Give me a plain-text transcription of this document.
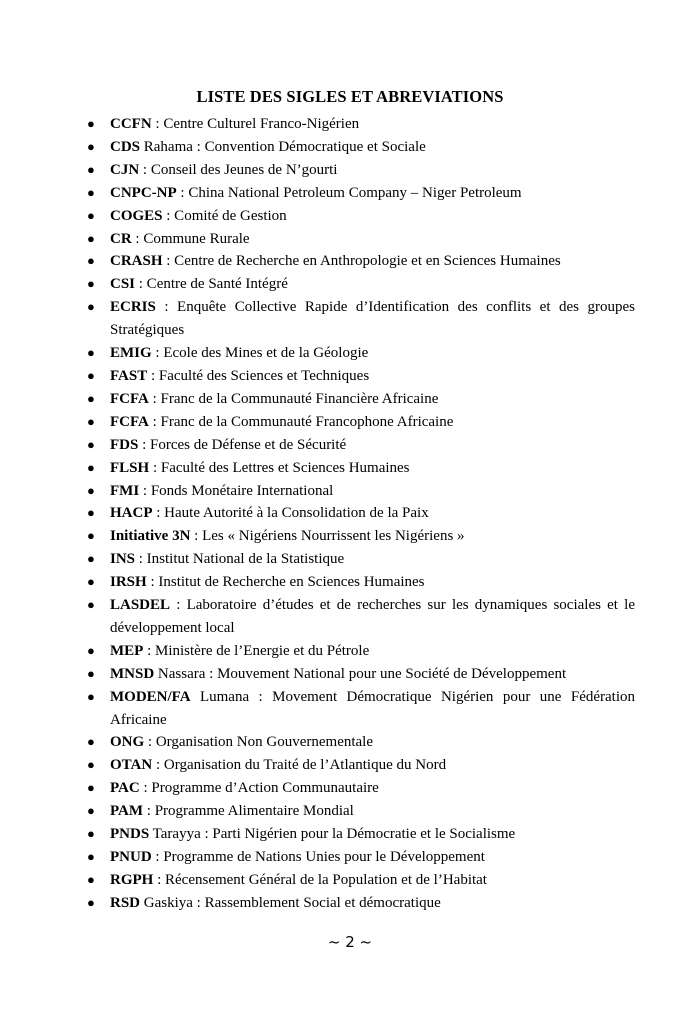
LISTE DES SIGLES ET ABREVIATIONS
● CCFN : Centre Culturel Franco-Nigérien
● CDS Rahama : Convention Démocratique et Sociale
● CJN : Conseil des Jeunes de N’gourti
● CNPC-NP : China National Petroleum Company – Niger Petroleum
● COGES : Comité de Gestion
● CR : Commune Rurale
● CRASH : Centre de Recherche en Anthropologie et en Sciences Humaines
● CSI : Centre de Santé Intégré
● ECRIS : Enquête Collective Rapide d’Identification des conflits et des groupes Stratégiques
● EMIG : Ecole des Mines et de la Géologie
● FAST : Faculté des Sciences et Techniques
● FCFA : Franc de la Communauté Financière Africaine
● FCFA : Franc de la Communauté Francophone Africaine
● FDS : Forces de Défense et de Sécurité
● FLSH : Faculté des Lettres et Sciences Humaines
● FMI : Fonds Monétaire International
● HACP : Haute Autorité à la Consolidation de la Paix
● Initiative 3N : Les « Nigériens Nourrissent les Nigériens »
● INS : Institut National de la Statistique
● IRSH : Institut de Recherche en Sciences Humaines
● LASDEL : Laboratoire d’études et de recherches sur les dynamiques sociales et le développement local
● MEP : Ministère de l’Energie et du Pétrole
● MNSD Nassara : Mouvement National pour une Société de Développement
● MODEN/FA Lumana : Movement Démocratique Nigérien pour une Fédération Africaine
● ONG : Organisation Non Gouvernementale
● OTAN : Organisation du Traité de l’Atlantique du Nord
● PAC : Programme d’Action Communautaire
● PAM : Programme Alimentaire Mondial
● PNDS Tarayya : Parti Nigérien pour la Démocratie et le Socialisme
● PNUD : Programme de Nations Unies pour le Développement
● RGPH : Récensement Général de la Population et de l’Habitat
● RSD Gaskiya : Rassemblement Social et démocratique
~ 2 ~
